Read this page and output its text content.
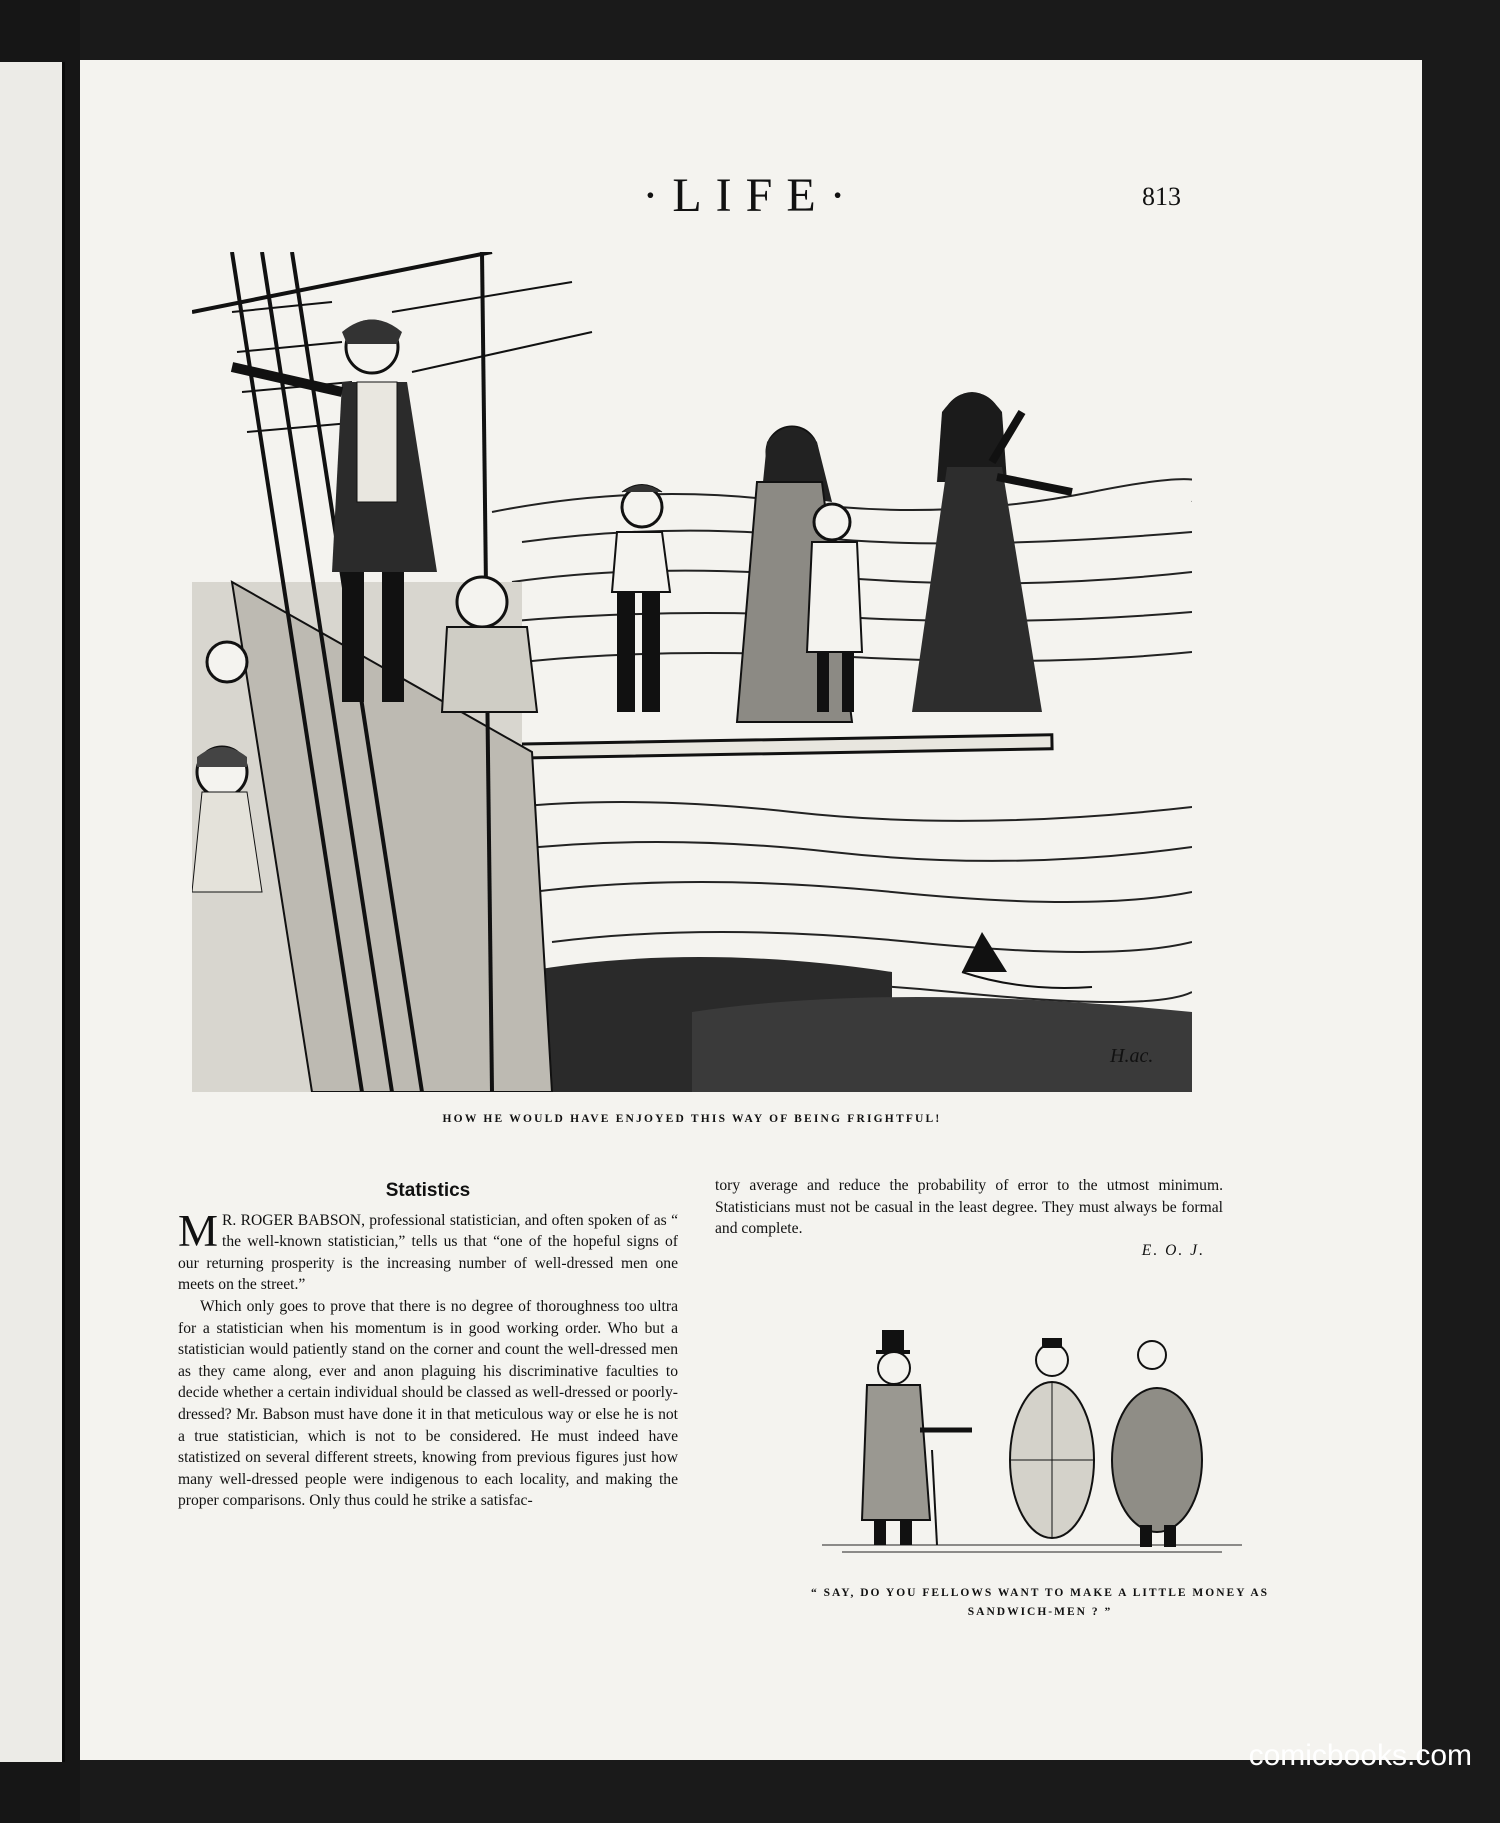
·LIFE·	813
H.ac.
HOW HE WOULD HAVE ENJOYED THIS WAY OF BEING FRIGHTFUL!
Statistics

M R. ROGER BABSON, professional statistician, and often spoken of as “ the well-known statistician,” tells us that “one of the hopeful signs of our returning prosperity is the increasing number of well-dressed men one meets on the street.”

Which only goes to prove that there is no degree of thoroughness too ultra for a statistician when his momentum is in good working order. Who but a statistician would patiently stand on the corner and count the well-dressed men as they came along, ever and anon plaguing his discriminative faculties to decide whether a certain individual should be classed as well-dressed or poorly-dressed? Mr. Babson must have done it in that meticulous way or else he is not a true statistician, which is not to be considered. He must indeed have statistized on several different streets, knowing from previous figures just how many well-dressed people were indigenous to each locality, and making the proper comparisons. Only thus could he strike a satisfac-

tory average and reduce the probability of error to the utmost minimum. Statisticians must not be casual in the least degree. They must always be formal and complete.

E. O. J.
“ SAY, DO YOU FELLOWS WANT TO MAKE A LITTLE MONEY AS SANDWICH-MEN ? ”
comicbooks.com
